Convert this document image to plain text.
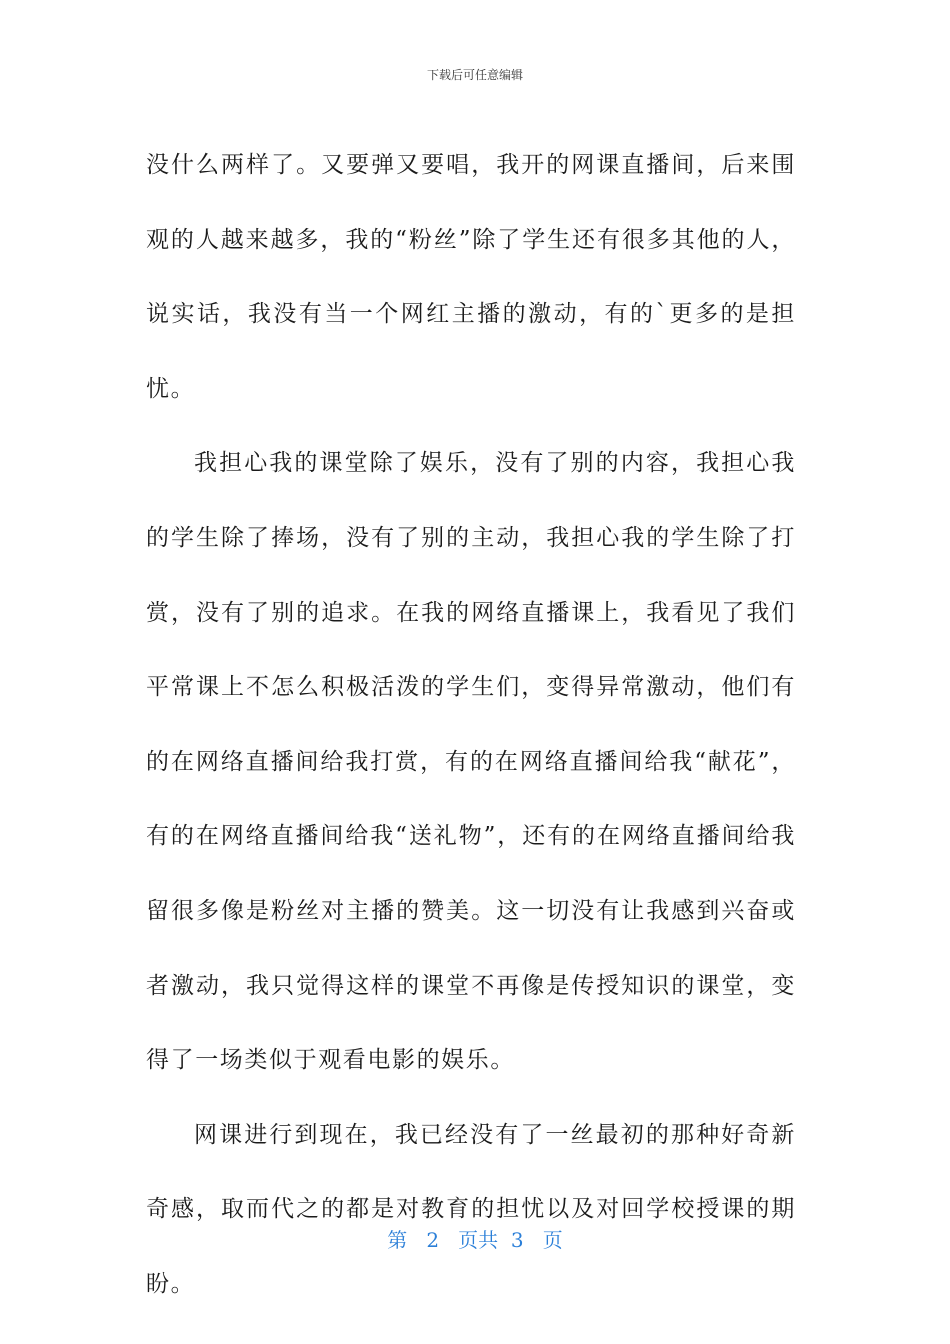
下载后可任意编辑

没什么两样了。又要弹又要唱，我开的网课直播间，后来围观的人越来越多，我的“粉丝”除了学生还有很多其他的人，说实话，我没有当一个网红主播的激动，有的`更多的是担忧。

我担心我的课堂除了娱乐，没有了别的内容，我担心我的学生除了捧场，没有了别的主动，我担心我的学生除了打赏，没有了别的追求。在我的网络直播课上，我看见了我们平常课上不怎么积极活泼的学生们，变得异常激动，他们有的在网络直播间给我打赏，有的在网络直播间给我“献花”，有的在网络直播间给我“送礼物”，还有的在网络直播间给我留很多像是粉丝对主播的赞美。这一切没有让我感到兴奋或者激动，我只觉得这样的课堂不再像是传授知识的课堂，变得了一场类似于观看电影的娱乐。

网课进行到现在，我已经没有了一丝最初的那种好奇新奇感，取而代之的都是对教育的担忧以及对回学校授课的期盼。

第 2 页共 3 页
